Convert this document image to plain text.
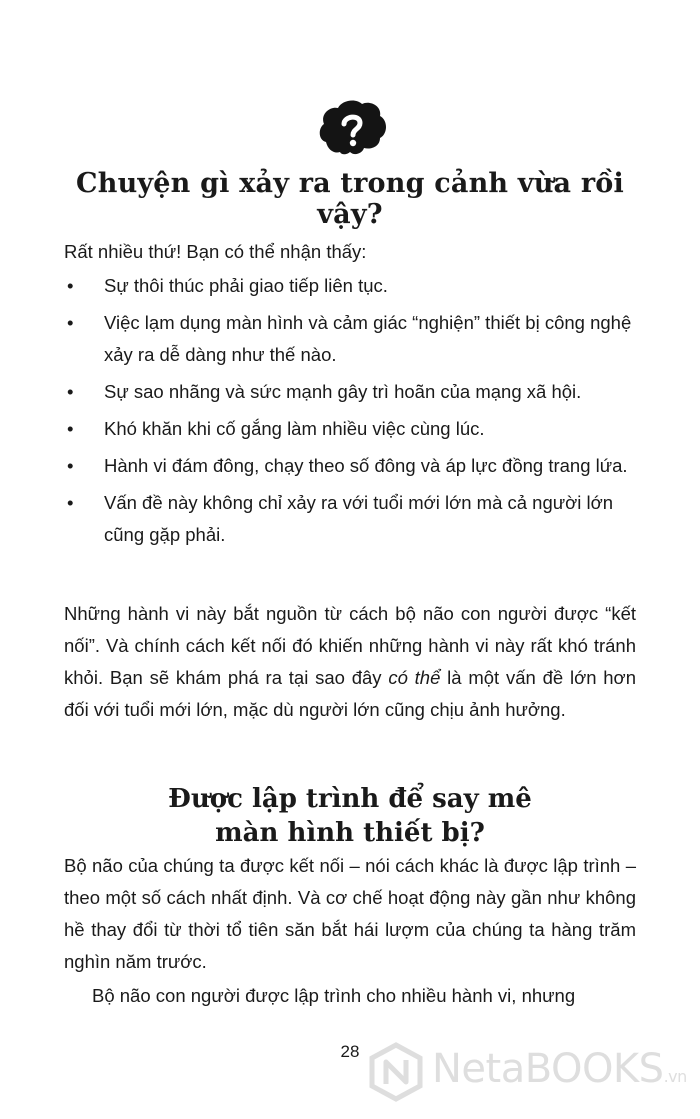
Chuyện gì xảy ra trong cảnh vừa rồi vậy?
Rất nhiều thứ! Bạn có thể nhận thấy:
• Sự thôi thúc phải giao tiếp liên tục.
• Việc lạm dụng màn hình và cảm giác “nghiện” thiết bị công nghệ xảy ra dễ dàng như thế nào.
• Sự sao nhãng và sức mạnh gây trì hoãn của mạng xã hội.
• Khó khăn khi cố gắng làm nhiều việc cùng lúc.
• Hành vi đám đông, chạy theo số đông và áp lực đồng trang lứa.
• Vấn đề này không chỉ xảy ra với tuổi mới lớn mà cả người lớn cũng gặp phải.
Những hành vi này bắt nguồn từ cách bộ não con người được “kết nối”. Và chính cách kết nối đó khiến những hành vi này rất khó tránh khỏi. Bạn sẽ khám phá ra tại sao đây có thể là một vấn đề lớn hơn đối với tuổi mới lớn, mặc dù người lớn cũng chịu ảnh hưởng.
Được lập trình để say mê
màn hình thiết bị?
Bộ não của chúng ta được kết nối – nói cách khác là được lập trình – theo một số cách nhất định. Và cơ chế hoạt động này gần như không hề thay đổi từ thời tổ tiên săn bắt hái lượm của chúng ta hàng trăm nghìn năm trước.
Bộ não con người được lập trình cho nhiều hành vi, nhưng
28	NetaBOOKS.vn
